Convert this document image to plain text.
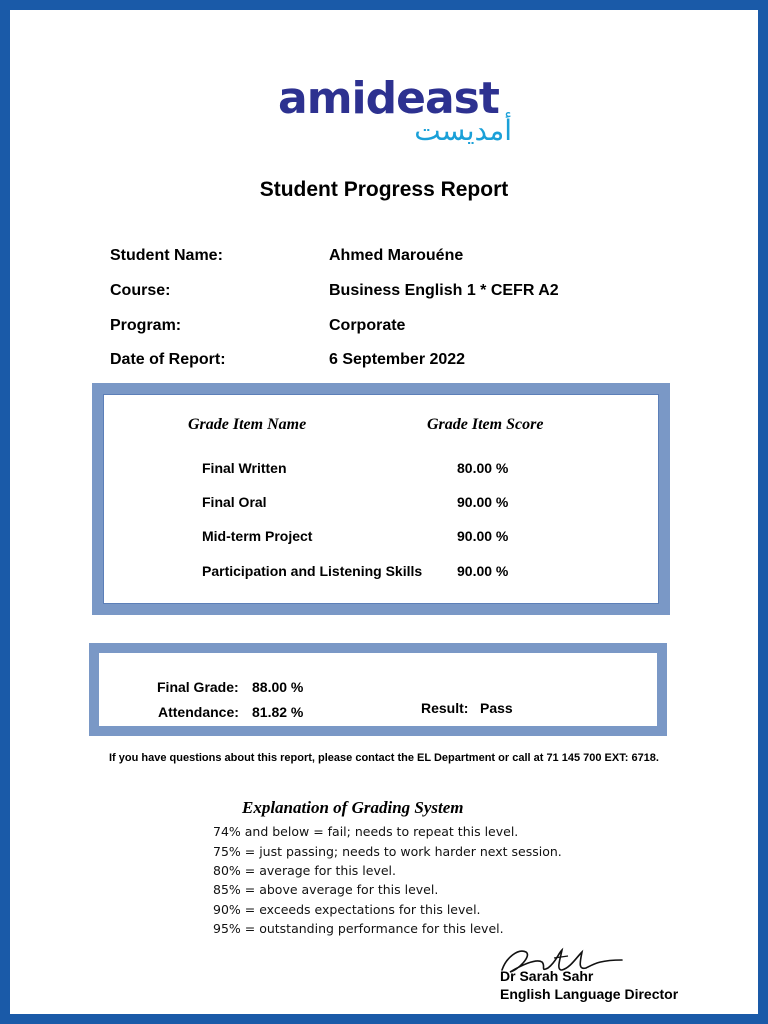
amideast
أمديست
Student Progress Report
Student Name:	Ahmed Marouéne
Course:	Business English 1 * CEFR A2
Program:	Corporate
Date of Report:	6 September 2022
Grade Item Name	Grade Item Score
Final Written	80.00 %
Final Oral	90.00 %
Mid-term Project	90.00 %
Participation and Listening Skills 90.00 %
Final Grade: 88.00 %
Attendance: 81.82 %	Result: Pass
If you have questions about this report, please contact the EL Department or call at 71 145 700 EXT: 6718.
Explanation of Grading System
74% and below = fail; needs to repeat this level.
75% = just passing; needs to work harder next session.
80% = average for this level.
85% = above average for this level.
90% = exceeds expectations for this level.
95% = outstanding performance for this level.
Dr Sarah Sahr
English Language Director
